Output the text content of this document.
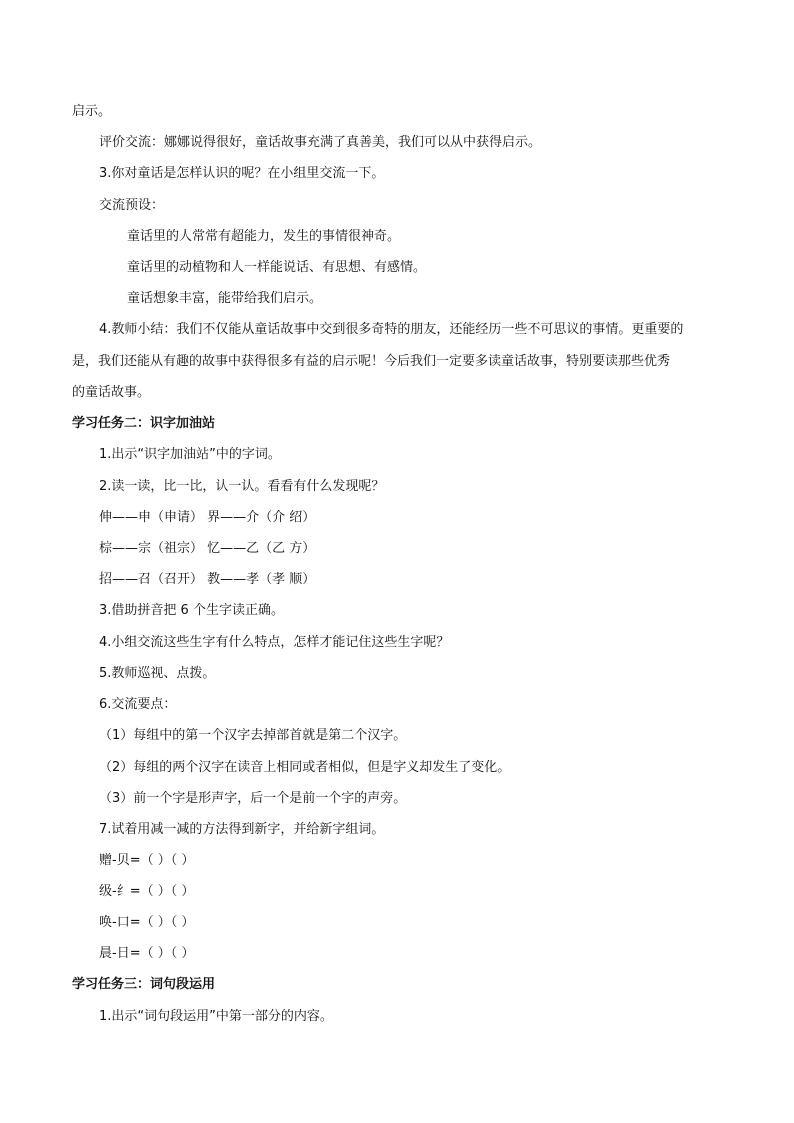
启示。
评价交流：娜娜说得很好，童话故事充满了真善美，我们可以从中获得启示。
3.你对童话是怎样认识的呢？在小组里交流一下。
交流预设：
童话里的人常常有超能力，发生的事情很神奇。
童话里的动植物和人一样能说话、有思想、有感情。
童话想象丰富，能带给我们启示。
4.教师小结：我们不仅能从童话故事中交到很多奇特的朋友，还能经历一些不可思议的事情。更重要的
是，我们还能从有趣的故事中获得很多有益的启示呢！今后我们一定要多读童话故事，特别要读那些优秀
的童话故事。
学习任务二：识字加油站
1.出示“识字加油站”中的字词。
2.读一读，比一比，认一认。看看有什么发现呢？
伸——申（申请） 界——介（介 绍）
棕——宗（祖宗） 忆——乙（乙 方）
招——召（召开） 教——孝（孝 顺）
3.借助拼音把 6 个生字读正确。
4.小组交流这些生字有什么特点，怎样才能记住这些生字呢？
5.教师巡视、点拨。
6.交流要点：
（1）每组中的第一个汉字去掉部首就是第二个汉字。
（2）每组的两个汉字在读音上相同或者相似，但是字义却发生了变化。
（3）前一个字是形声字，后一个是前一个字的声旁。
7.试着用减一减的方法得到新字，并给新字组词。
赠-贝=（ ）（ ）
级-纟=（ ）（ ）
唤-口=（ ）（ ）
晨-日=（ ）（ ）
学习任务三：词句段运用
1.出示“词句段运用”中第一部分的内容。
